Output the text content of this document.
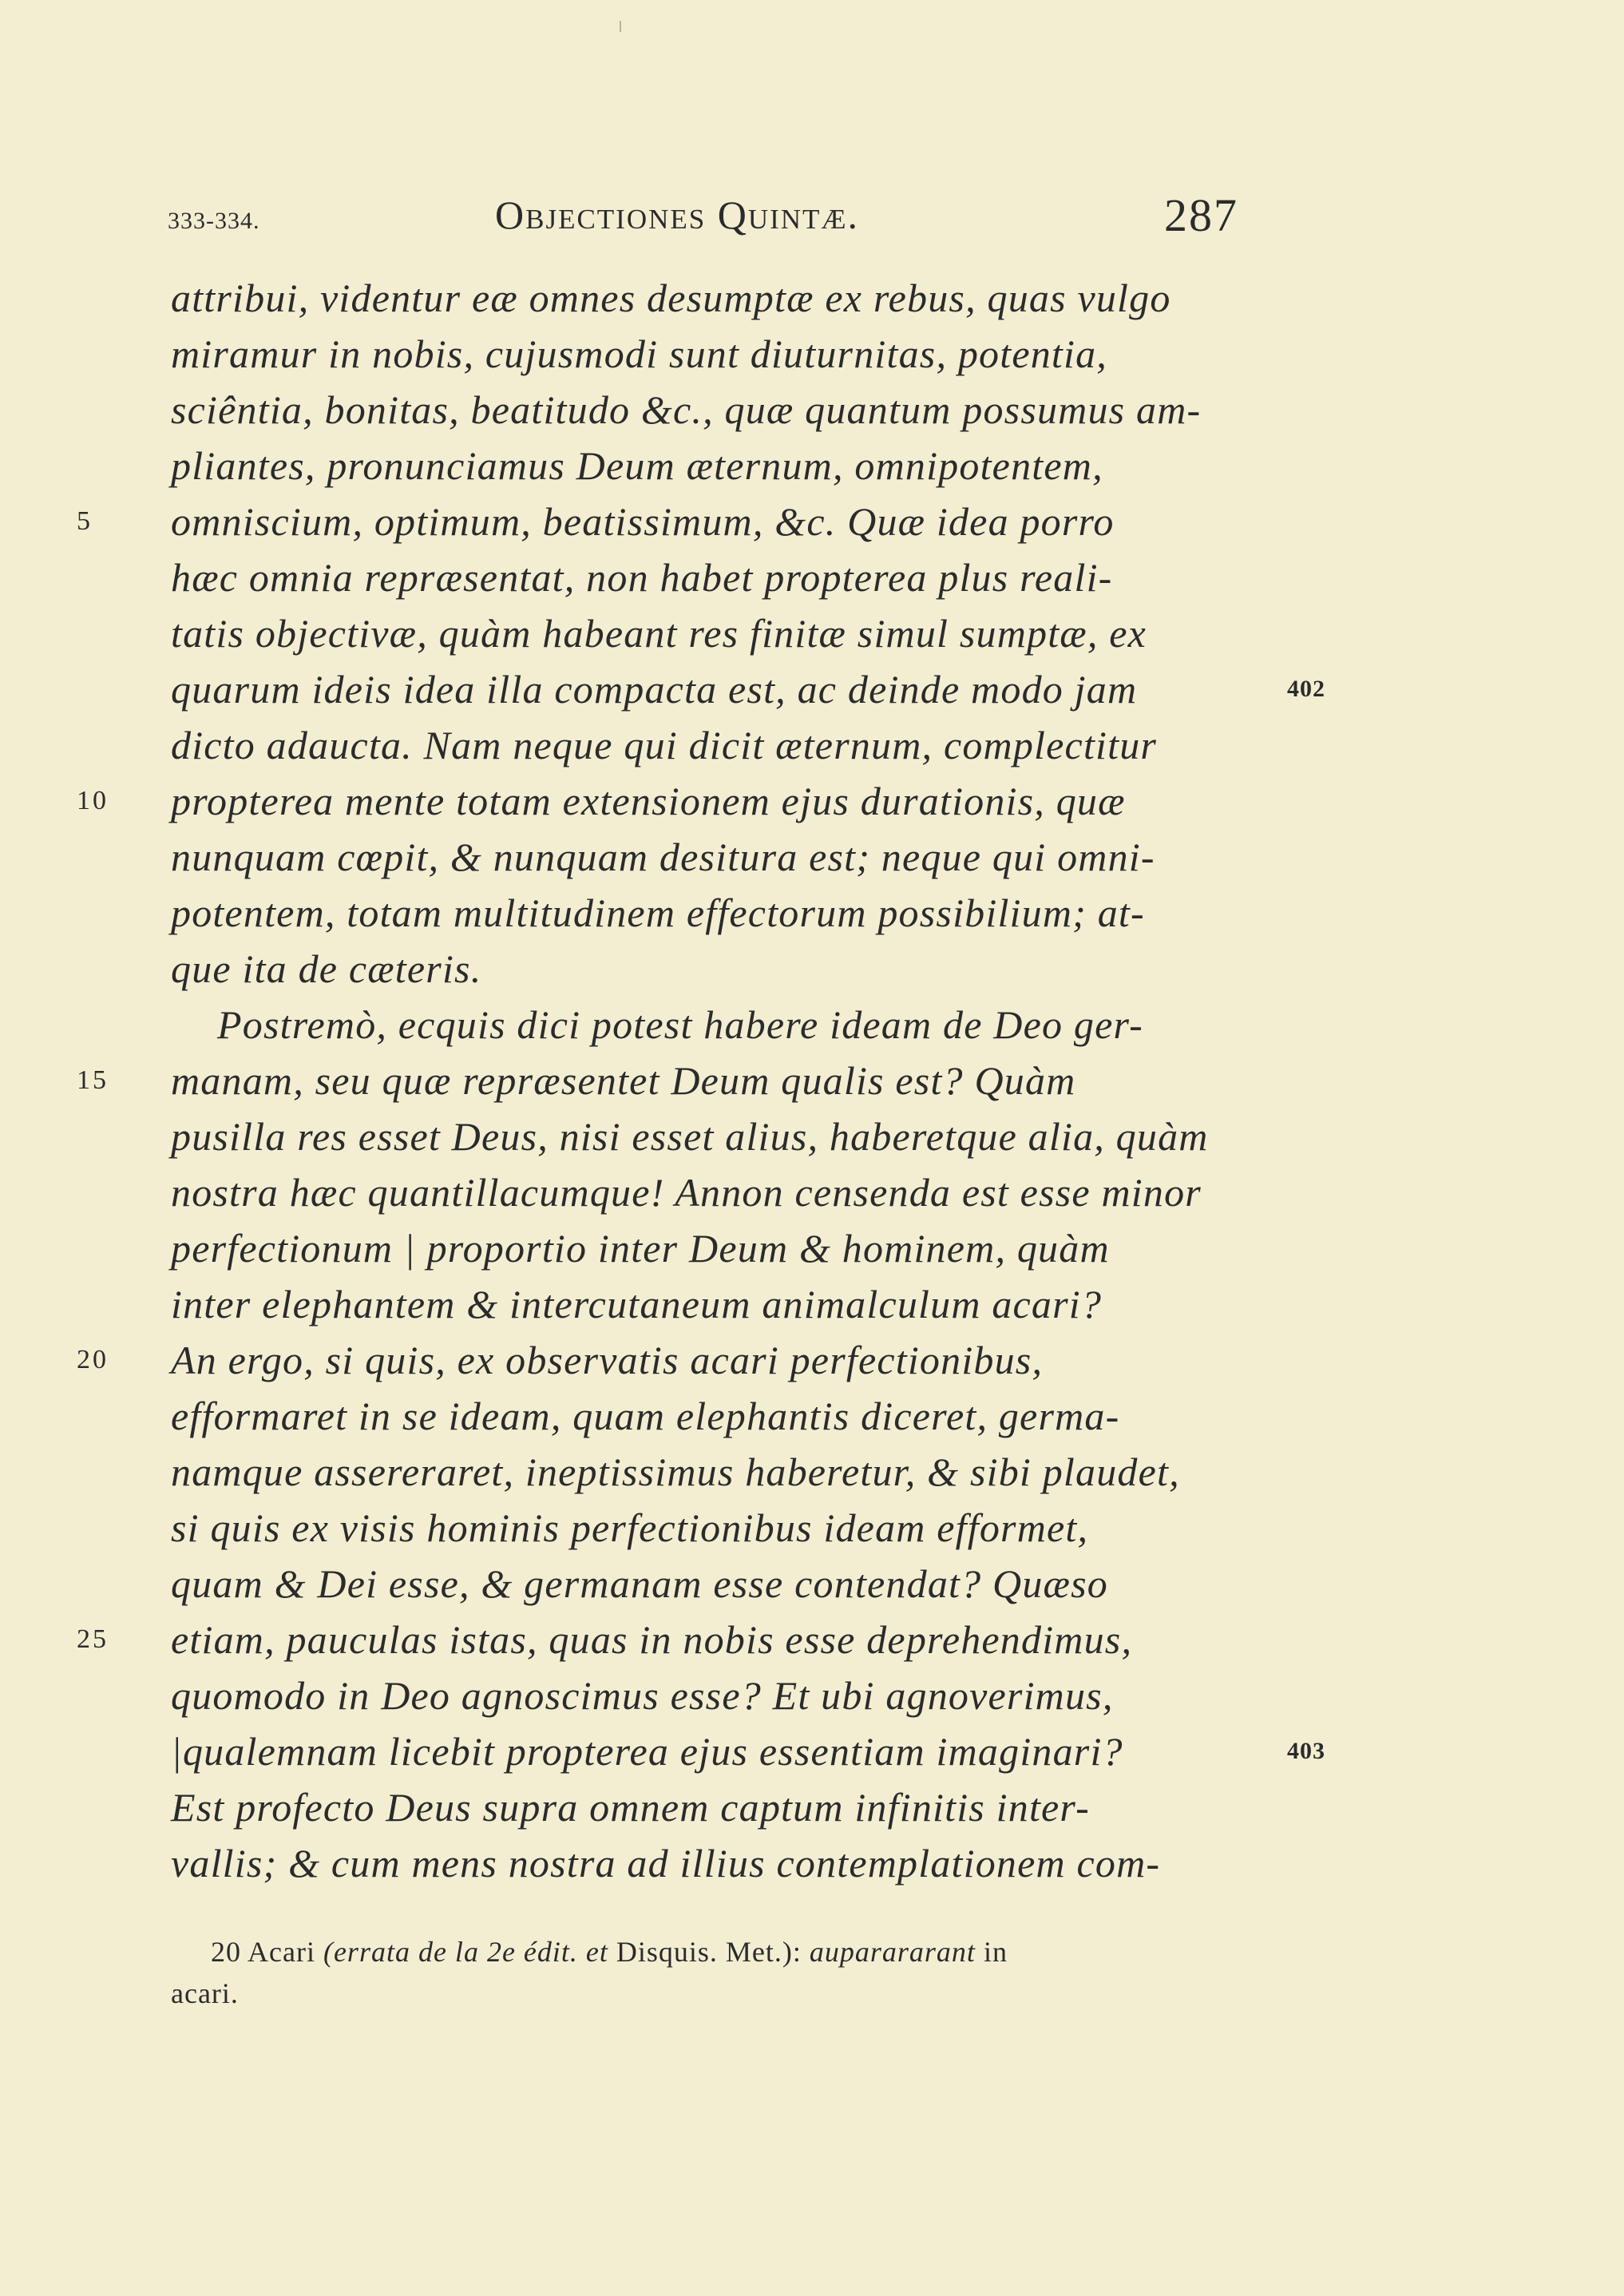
333-334.	Objectiones Quintæ.	287
attribui, videntur eæ omnes desumptæ ex rebus, quas vulgo
miramur in nobis, cujusmodi sunt diuturnitas, potentia,
sciêntia, bonitas, beatitudo &c., quæ quantum possumus am-
pliantes, pronunciamus Deum æternum, omnipotentem,
omniscium, optimum, beatissimum, &c. Quæ idea porro
hæc omnia repræsentat, non habet propterea plus reali-
tatis objectivæ, quàm habeant res finitæ simul sumptæ, ex
quarum ideis idea illa compacta est, ac deinde modo jam
dicto adaucta. Nam neque qui dicit æternum, complectitur
propterea mente totam extensionem ejus durationis, quæ
nunquam cœpit, & nunquam desitura est; neque qui omni-
potentem, totam multitudinem effectorum possibilium; at-
que ita de cæteris.
Postremò, ecquis dici potest habere ideam de Deo ger-
manam, seu quæ repræsentet Deum qualis est? Quàm
pusilla res esset Deus, nisi esset alius, haberetque alia, quàm
nostra hæc quantillacumque! Annon censenda est esse minor
perfectionum | proportio inter Deum & hominem, quàm
inter elephantem & intercutaneum animalculum acari?
An ergo, si quis, ex observatis acari perfectionibus,
efformaret in se ideam, quam elephantis diceret, germa-
namque assereraret, ineptissimus haberetur, & sibi plaudet,
si quis ex visis hominis perfectionibus ideam efformet,
quam & Dei esse, & germanam esse contendat? Quæso
etiam, pauculas istas, quas in nobis esse deprehendimus,
quomodo in Deo agnoscimus esse? Et ubi agnoverimus,
|qualemnam licebit propterea ejus essentiam imaginari?
Est profecto Deus supra omnem captum infinitis inter-
vallis; & cum mens nostra ad illius contemplationem com-
5
10
15
20
25
402
403
20 Acari (errata de la 2e édit. et Disquis. Met.): auparararant in
acari.
